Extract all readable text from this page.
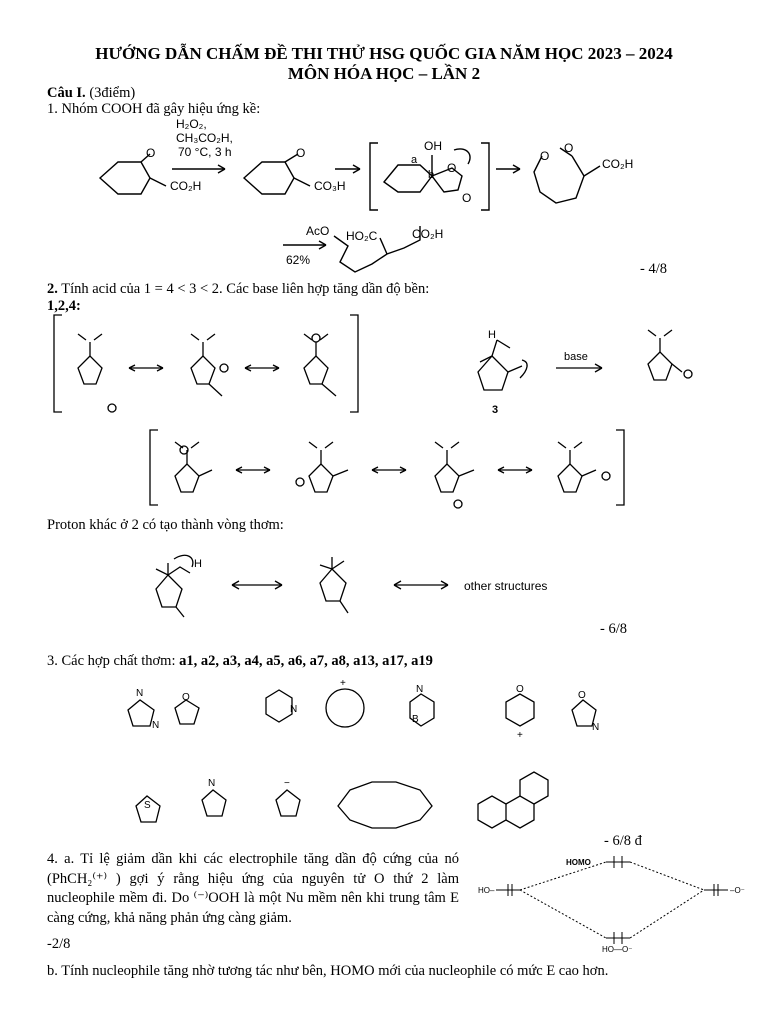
HƯỚNG DẪN CHẤM ĐỀ THI THỬ HSG QUỐC GIA NĂM HỌC 2023 – 2024
MÔN HÓA HỌC – LẦN 2
Câu I. (3điểm)
1. Nhóm COOH đã gây hiệu ứng kề:
O
CO₂H
H₂O₂,
CH₃CO₂H,
70 °C, 3 h	O
CO₃H
OH
a
b O
O
O
O
CO₂H
AcO HO₂C	CO₂H
62%
- 4/8
2. Tính acid của 1 = 4 < 3 < 2. Các base liên hợp tăng dần độ bền:
1,2,4:
H
base
3
Proton khác ở 2 có tạo thành vòng thơm:
H
other structures
- 6/8
3. Các hợp chất thơm: a1, a2, a3, a4, a5, a6, a7, a8, a13, a17, a19
N
N
O
N
+
N
B
O
+
O
N
S
N	−
- 6/8 đ
4. a. Tỉ lệ giảm dần khi các electrophile tăng dần độ cứng của nó (PhCH₂⁽⁺⁾ ) gợi ý rằng hiệu ứng của nguyên tử O thứ 2 làm nucleophile mềm đi. Do ⁽⁻⁾OOH là một Nu mềm nên khi trung tâm E càng cứng, khả năng phản ứng càng giảm.
-2/8
HOMO
HO–	–O⁻
HO—O⁻
b. Tính nucleophile tăng nhờ tương tác như bên, HOMO mới của nucleophile có mức E cao hơn.
